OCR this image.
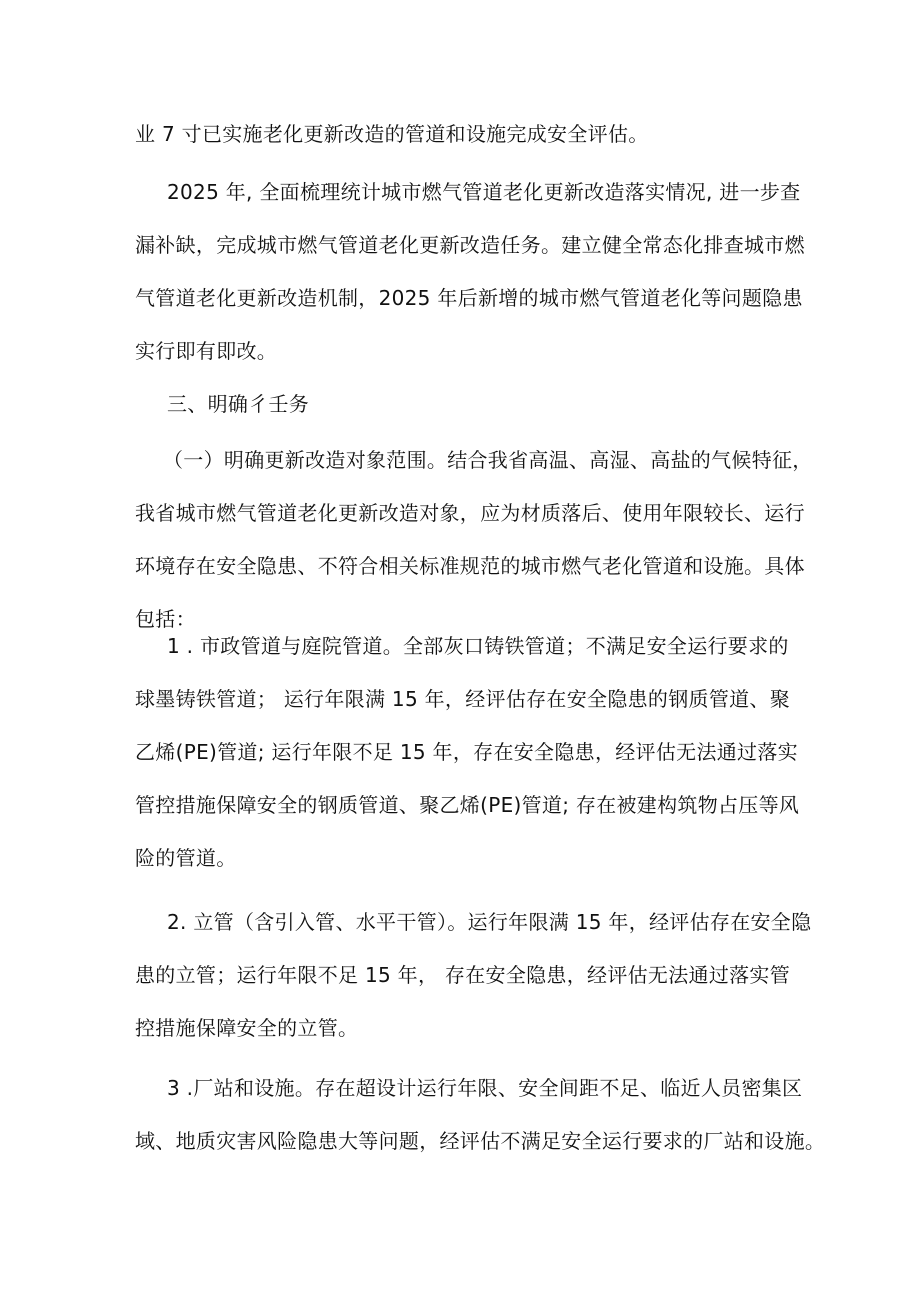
业 7 寸已实施老化更新改造的管道和设施完成安全评估。

2025 年, 全面梳理统计城市燃气管道老化更新改造落实情况, 进一步查
漏补缺，完成城市燃气管道老化更新改造任务。建立健全常态化排查城市燃
气管道老化更新改造机制，2025 年后新增的城市燃气管道老化等问题隐患
实行即有即改。

三、明确彳壬务

（一）明确更新改造对象范围。结合我省高温、高湿、高盐的气候特征，
我省城市燃气管道老化更新改造对象，应为材质落后、使用年限较长、运行
环境存在安全隐患、不符合相关标准规范的城市燃气老化管道和设施。具体
包括：

1 . 市政管道与庭院管道。全部灰口铸铁管道；不满足安全运行要求的
球墨铸铁管道； 运行年限满 15 年，经评估存在安全隐患的钢质管道、聚
乙烯(PE)管道; 运行年限不足 15 年，存在安全隐患，经评估无法通过落实
管控措施保障安全的钢质管道、聚乙烯(PE)管道; 存在被建构筑物占压等风
险的管道。

2. 立管（含引入管、水平干管）。运行年限满 15 年，经评估存在安全隐
患的立管；运行年限不足 15 年， 存在安全隐患，经评估无法通过落实管
控措施保障安全的立管。

3 .厂站和设施。存在超设计运行年限、安全间距不足、临近人员密集区
域、地质灾害风险隐患大等问题，经评估不满足安全运行要求的厂站和设施。
